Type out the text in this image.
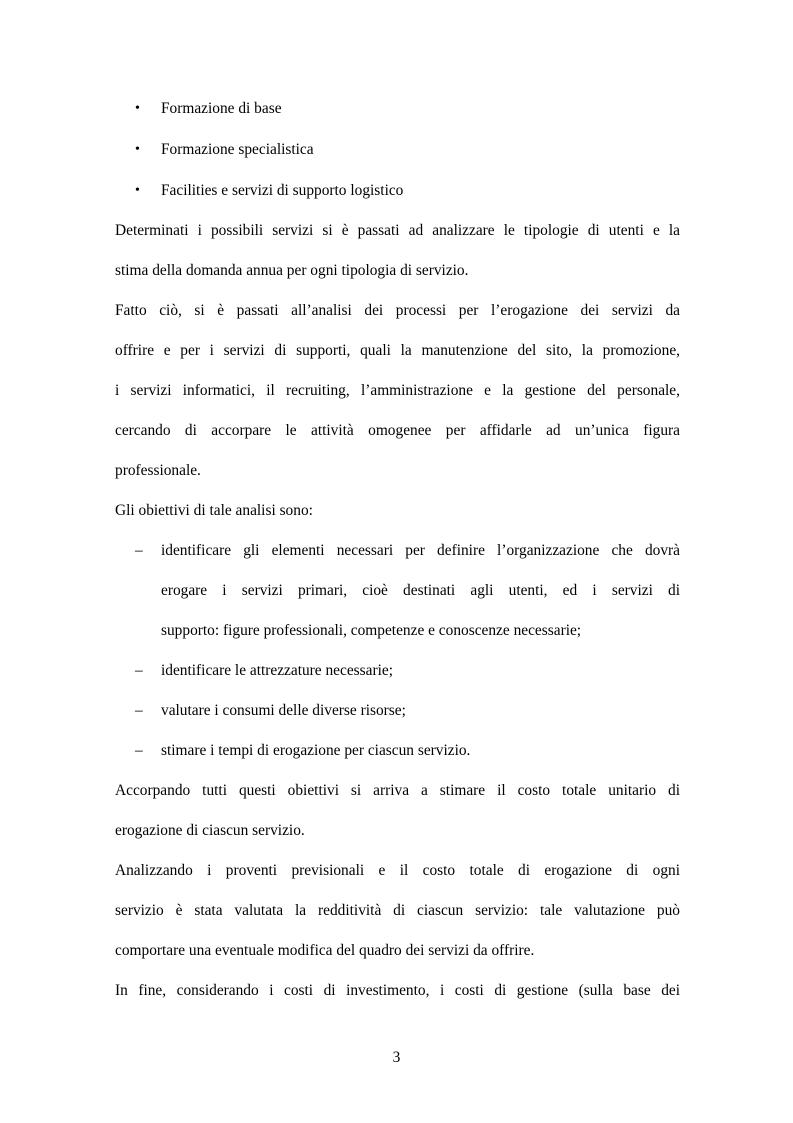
• Formazione di base
• Formazione specialistica
• Facilities e servizi di supporto logistico
Determinati i possibili servizi si è passati ad analizzare le tipologie di utenti e la
stima della domanda annua per ogni tipologia di servizio.
Fatto ciò, si è passati all’analisi dei processi per l’erogazione dei servizi da
offrire e per i servizi di supporti, quali la manutenzione del sito, la promozione,
i servizi informatici, il recruiting, l’amministrazione e la gestione del personale,
cercando di accorpare le attività omogenee per affidarle ad un’unica figura
professionale.
Gli obiettivi di tale analisi sono:
– identificare gli elementi necessari per definire l’organizzazione che dovrà
erogare i servizi primari, cioè destinati agli utenti, ed i servizi di
supporto: figure professionali, competenze e conoscenze necessarie;
– identificare le attrezzature necessarie;
– valutare i consumi delle diverse risorse;
– stimare i tempi di erogazione per ciascun servizio.
Accorpando tutti questi obiettivi si arriva a stimare il costo totale unitario di
erogazione di ciascun servizio.
Analizzando i proventi previsionali e il costo totale di erogazione di ogni
servizio è stata valutata la redditività di ciascun servizio: tale valutazione può
comportare una eventuale modifica del quadro dei servizi da offrire.
In fine, considerando i costi di investimento, i costi di gestione (sulla base dei
3
